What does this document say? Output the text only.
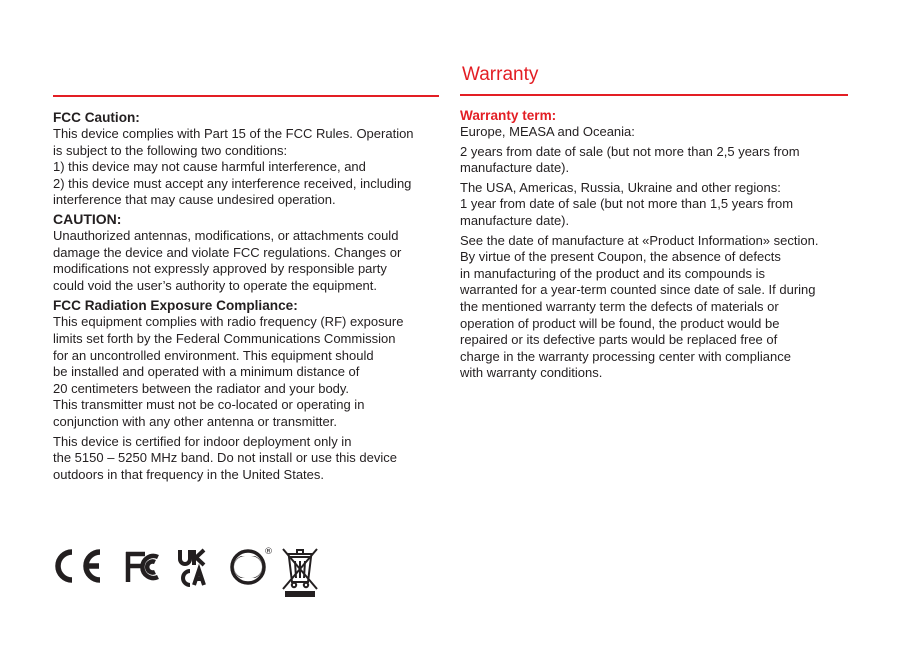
FCC Caution:

This device complies with Part 15 of the FCC Rules. Operation
is subject to the following two conditions:
1) this device may not cause harmful interference, and
2) this device must accept any interference received, including
interference that may cause undesired operation.

CAUTION:

Unauthorized antennas, modifications, or attachments could
damage the device and violate FCC regulations. Changes or
modifications not expressly approved by responsible party
could void the user’s authority to operate the equipment.

FCC Radiation Exposure Compliance:

This equipment complies with radio frequency (RF) exposure
limits set forth by the Federal Communications Commission
for an uncontrolled environment. This equipment should
be installed and operated with a minimum distance of
20 centimeters between the radiator and your body.
This transmitter must not be co-located or operating in
conjunction with any other antenna or transmitter.

This device is certified for indoor deployment only in
the 5150 – 5250 MHz band. Do not install or use this device
outdoors in that frequency in the United States.

Warranty

Warranty term:

Europe, MEASA and Oceania:

2 years from date of sale (but not more than 2,5 years from
manufacture date).

The USA, Americas, Russia, Ukraine and other regions:

1 year from date of sale (but not more than 1,5 years from
manufacture date).

See the date of manufacture at «Product Information» section.
By virtue of the present Coupon, the absence of defects
in manufacturing of the product and its compounds is
warranted for a year-term counted since date of sale. If during
the mentioned warranty term the defects of materials or
operation of product will be found, the product would be
repaired or its defective parts would be replaced free of
charge in the warranty processing center with compliance
with warranty conditions.

®
